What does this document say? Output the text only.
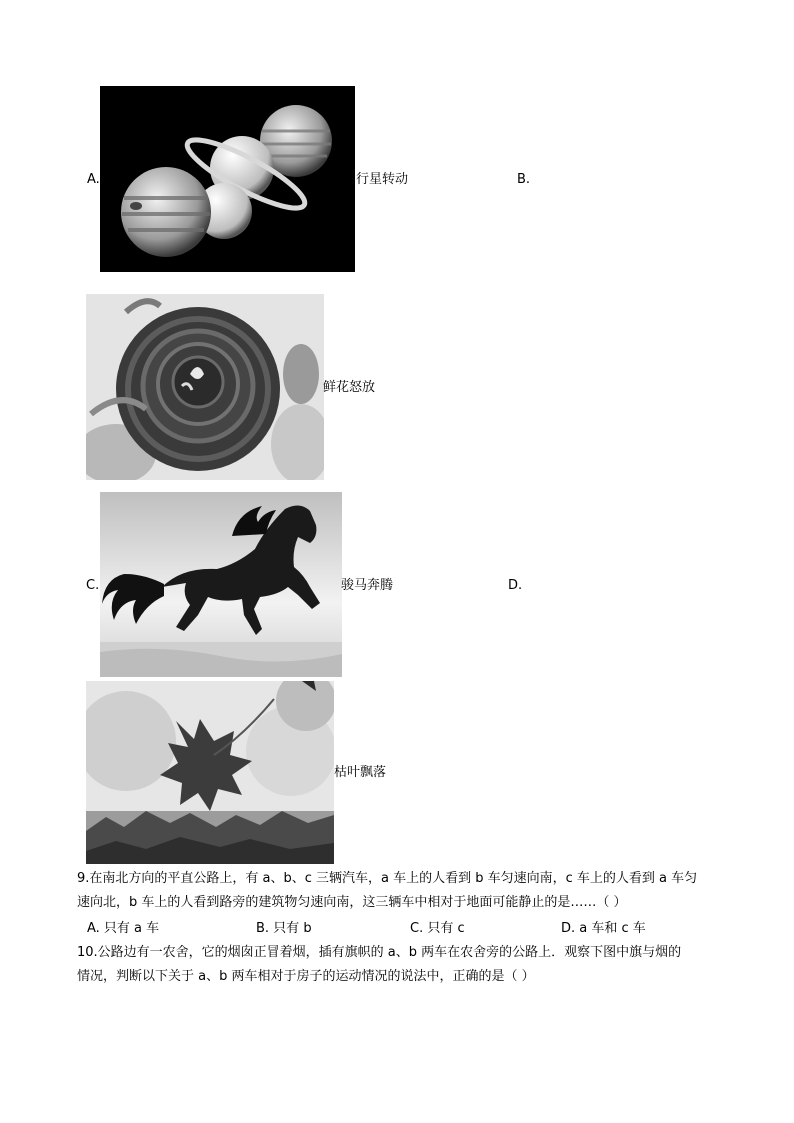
A.	行星转动	B.
鲜花怒放
C.	骏马奔腾	D.
枯叶飘落
9.在南北方向的平直公路上，有 a、b、c 三辆汽车，a 车上的人看到 b 车匀速向南，c 车上的人看到 a 车匀
速向北，b 车上的人看到路旁的建筑物匀速向南，这三辆车中相对于地面可能静止的是……（ ）
A. 只有 a 车	B. 只有 b	C. 只有 c	D. a 车和 c 车
10.公路边有一农舍，它的烟囱正冒着烟，插有旗帜的 a、b 两车在农舍旁的公路上．观察下图中旗与烟的
情况，判断以下关于 a、b 两车相对于房子的运动情况的说法中，正确的是（ ）
